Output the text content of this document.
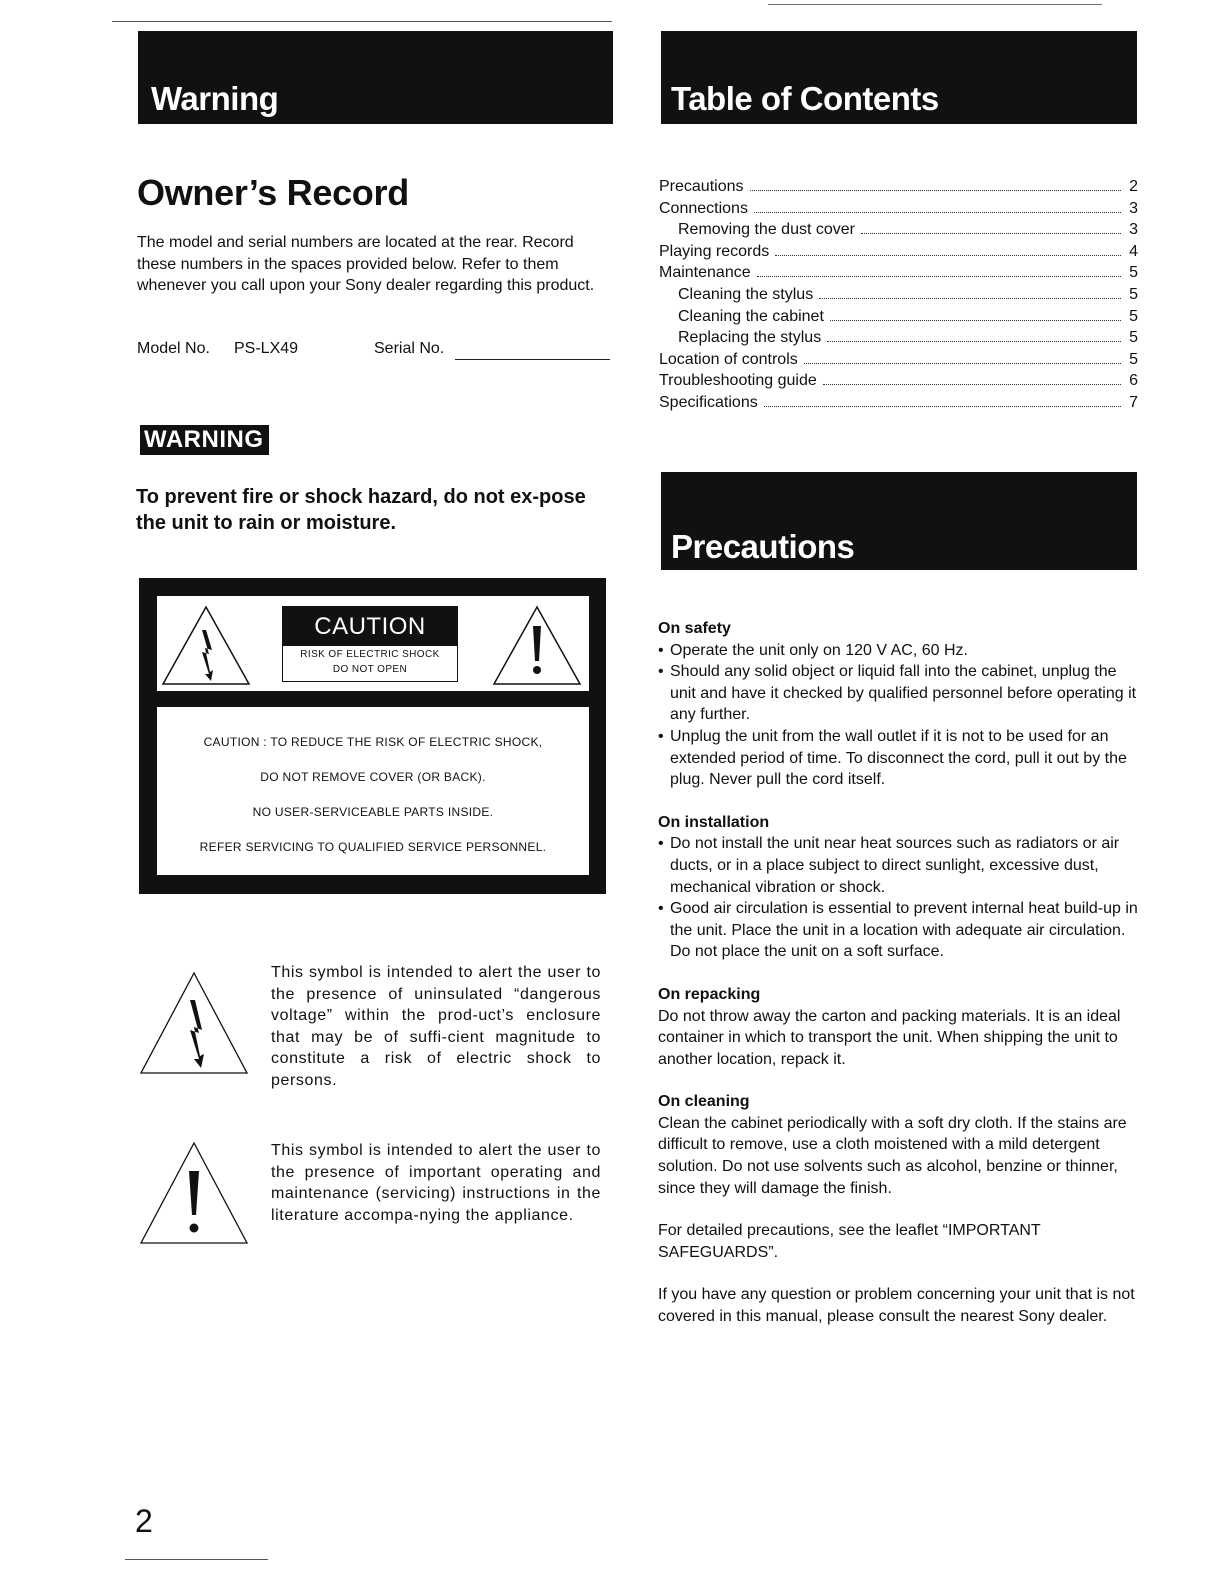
Warning
Owner’s Record

The model and serial numbers are located at the rear. Record these numbers in the spaces provided below. Refer to them whenever you call upon your Sony dealer regarding this product.

Model No. PS-LX49	Serial No.
WARNING

To prevent fire or shock hazard, do not ex-pose the unit to rain or moisture.

CAUTION
RISK OF ELECTRIC SHOCK
DO NOT OPEN
CAUTION : TO REDUCE THE RISK OF ELECTRIC SHOCK,
DO NOT REMOVE COVER (OR BACK).
NO USER-SERVICEABLE PARTS INSIDE.
REFER SERVICING TO QUALIFIED SERVICE PERSONNEL.

This symbol is intended to alert the user to the presence of uninsulated “dangerous voltage” within the prod-uct’s enclosure that may be of suffi-cient magnitude to constitute a risk of electric shock to persons.

This symbol is intended to alert the user to the presence of important operating and maintenance (servicing) instructions in the literature accompa-nying the appliance.

2
Table of Contents
Precautions	2
Connections	3
Removing the dust cover	3
Playing records	4
Maintenance	5
Cleaning the stylus	5
Cleaning the cabinet	5
Replacing the stylus	5
Location of controls	5
Troubleshooting guide	6
Specifications	7
Precautions

On safety

• Operate the unit only on 120 V AC, 60 Hz.
• Should any solid object or liquid fall into the cabinet, unplug the unit and have it checked by qualified personnel before operating it any further.
• Unplug the unit from the wall outlet if it is not to be used for an extended period of time. To disconnect the cord, pull it out by the plug. Never pull the cord itself.

On installation

• Do not install the unit near heat sources such as radiators or air ducts, or in a place subject to direct sunlight, excessive dust, mechanical vibration or shock.
• Good air circulation is essential to prevent internal heat build-up in the unit. Place the unit in a location with adequate air circulation. Do not place the unit on a soft surface.

On repacking

Do not throw away the carton and packing materials. It is an ideal container in which to transport the unit. When shipping the unit to another location, repack it.

On cleaning

Clean the cabinet periodically with a soft dry cloth. If the stains are difficult to remove, use a cloth moistened with a mild detergent solution. Do not use solvents such as alcohol, benzine or thinner, since they will damage the finish.

For detailed precautions, see the leaflet “IMPORTANT SAFEGUARDS”.

If you have any question or problem concerning your unit that is not covered in this manual, please consult the nearest Sony dealer.
